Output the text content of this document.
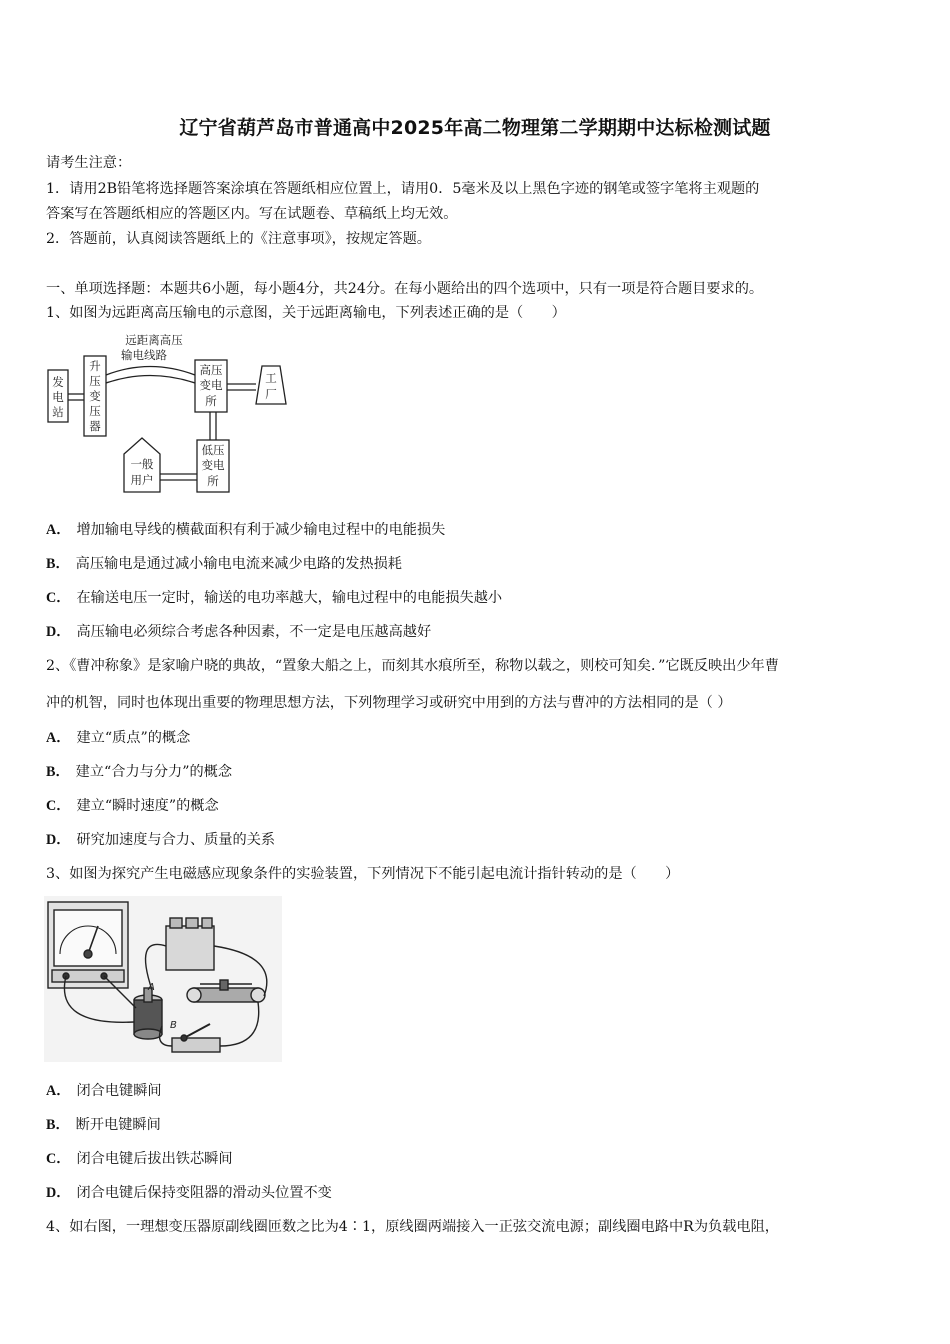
辽宁省葫芦岛市普通高中2025年高二物理第二学期期中达标检测试题
请考生注意：
1．请用2B铅笔将选择题答案涂填在答题纸相应位置上，请用0．5毫米及以上黑色字迹的钢笔或签字笔将主观题的
答案写在答题纸相应的答题区内。写在试题卷、草稿纸上均无效。
2．答题前，认真阅读答题纸上的《注意事项》，按规定答题。
一、单项选择题：本题共6小题，每小题4分，共24分。在每小题给出的四个选项中，只有一项是符合题目要求的。
1、如图为远距离高压输电的示意图，关于远距离输电，下列表述正确的是（　　）
发
电
站
升
压
变
压
器
远距离高压
输电线路
高压
变电
所
工
厂
低压
变电
所
一般
用户
A． 增加输电导线的横截面积有利于减少输电过程中的电能损失
B． 高压输电是通过减小输电电流来减少电路的发热损耗
C． 在输送电压一定时，输送的电功率越大，输电过程中的电能损失越小
D． 高压输电必须综合考虑各种因素，不一定是电压越高越好
2、《曹冲称象》是家喻户晓的典故，“置象大船之上，而刻其水痕所至，称物以载之，则校可知矣．”它既反映出少年曹
冲的机智，同时也体现出重要的物理思想方法，下列物理学习或研究中用到的方法与曹冲的方法相同的是（ ）
A． 建立“质点”的概念
B． 建立“合力与分力”的概念
C． 建立“瞬时速度”的概念
D． 研究加速度与合力、质量的关系
3、如图为探究产生电磁感应现象条件的实验装置，下列情况下不能引起电流计指针转动的是（　　）
A
B
A． 闭合电键瞬间
B． 断开电键瞬间
C． 闭合电键后拔出铁芯瞬间
D． 闭合电键后保持变阻器的滑动头位置不变
4、如右图，一理想变压器原副线圈匝数之比为4∶1，原线圈两端接入一正弦交流电源；副线圈电路中R为负载电阻，
